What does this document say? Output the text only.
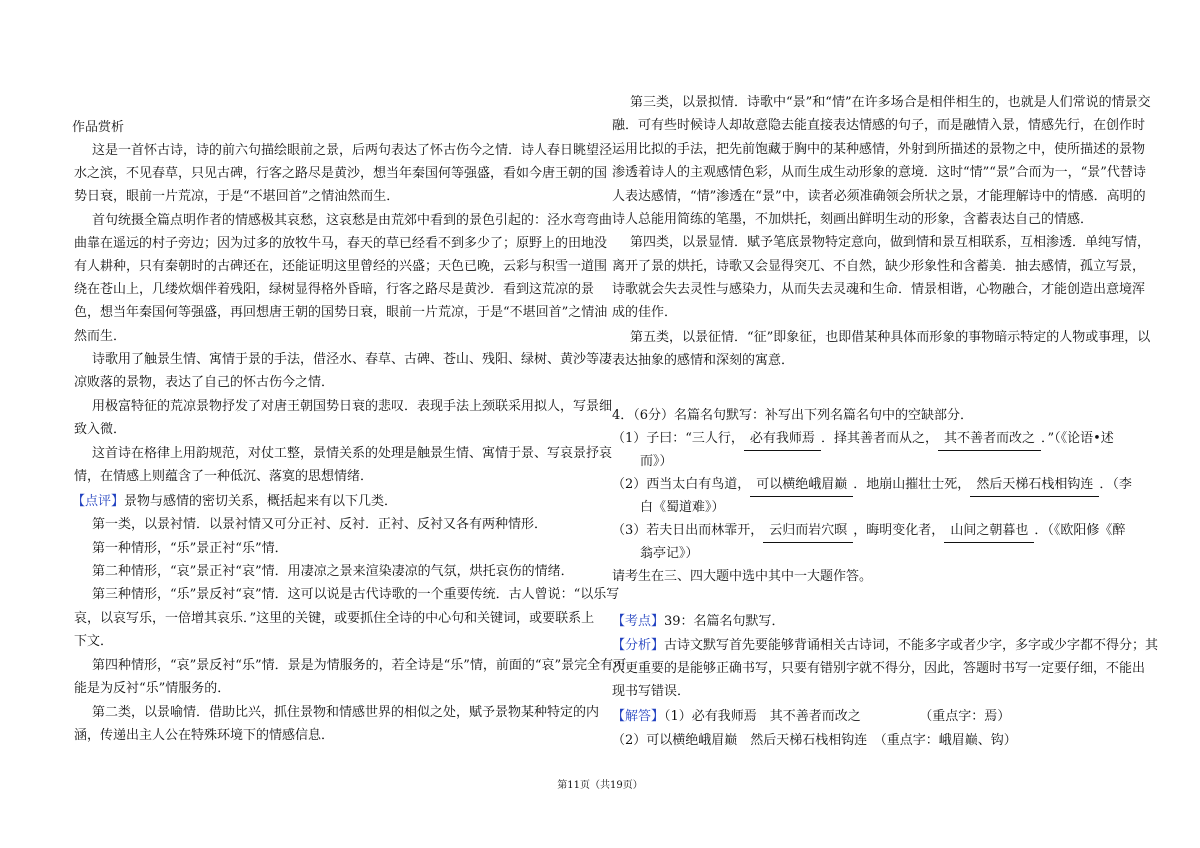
作品赏析
这是一首怀古诗，诗的前六句描绘眼前之景，后两句表达了怀古伤今之情．诗人春日眺望泾
水之滨，不见春草，只见古碑，行客之路尽是黄沙，想当年秦国何等强盛，看如今唐王朝的国
势日衰，眼前一片荒凉，于是“不堪回首”之情油然而生．
首句统摄全篇点明作者的情感极其哀愁，这哀愁是由荒郊中看到的景色引起的：泾水弯弯曲
曲靠在遥远的村子旁边；因为过多的放牧牛马，春天的草已经看不到多少了；原野上的田地没
有人耕种，只有秦朝时的古碑还在，还能证明这里曾经的兴盛；天色已晚，云彩与积雪一道围
绕在苍山上，几缕炊烟伴着残阳，绿树显得格外昏暗，行客之路尽是黄沙．看到这荒凉的景
色，想当年秦国何等强盛，再回想唐王朝的国势日衰，眼前一片荒凉，于是“不堪回首”之情油
然而生．
诗歌用了触景生情、寓情于景的手法，借泾水、春草、古碑、苍山、残阳、绿树、黄沙等凄
凉败落的景物，表达了自己的怀古伤今之情．
用极富特征的荒凉景物抒发了对唐王朝国势日衰的悲叹．表现手法上颈联采用拟人，写景细
致入微．
这首诗在格律上用韵规范，对仗工整，景情关系的处理是触景生情、寓情于景、写哀景抒哀
情，在情感上则蕴含了一种低沉、落寞的思想情绪．
【点评】景物与感情的密切关系，概括起来有以下几类．
第一类，以景衬情．以景衬情又可分正衬、反衬．正衬、反衬又各有两种情形．
第一种情形，“乐”景正衬“乐”情．
第二种情形，“哀”景正衬“哀”情．用凄凉之景来渲染凄凉的气氛，烘托哀伤的情绪．
第三种情形，“乐”景反衬“哀”情．这可以说是古代诗歌的一个重要传统．古人曾说：“以乐写
哀，以哀写乐，一倍增其哀乐．”这里的关键，或要抓住全诗的中心句和关键词，或要联系上
下文．
第四种情形，“哀”景反衬“乐”情．景是为情服务的，若全诗是“乐”情，前面的“哀”景完全有可
能是为反衬“乐”情服务的．
第二类，以景喻情．借助比兴，抓住景物和情感世界的相似之处，赋予景物某种特定的内
涵，传递出主人公在特殊环境下的情感信息．
第三类，以景拟情．诗歌中“景”和“情”在许多场合是相伴相生的，也就是人们常说的情景交
融．可有些时候诗人却故意隐去能直接表达情感的句子，而是融情入景，情感先行，在创作时
运用比拟的手法，把先前饱藏于胸中的某种感情，外射到所描述的景物之中，使所描述的景物
渗透着诗人的主观感情色彩，从而生成生动形象的意境．这时“情”“景”合而为一，“景”代替诗
人表达感情，“情”渗透在“景”中，读者必须准确领会所状之景，才能理解诗中的情感．高明的
诗人总能用简练的笔墨，不加烘托，刻画出鲜明生动的形象，含蓄表达自己的情感．
第四类，以景显情．赋予笔底景物特定意向，做到情和景互相联系，互相渗透．单纯写情，
离开了景的烘托，诗歌又会显得突兀、不自然，缺少形象性和含蓄美．抽去感情，孤立写景，
诗歌就会失去灵性与感染力，从而失去灵魂和生命．情景相谐，心物融合，才能创造出意境浑
成的佳作．
第五类，以景征情．“征”即象征，也即借某种具体而形象的事物暗示特定的人物或事理，以
表达抽象的感情和深刻的寓意．
4．（6分）名篇名句默写：补写出下列名篇名句中的空缺部分．
（1）子曰：“三人行， 必有我师焉 ．择其善者而从之， 其不善者而改之 ．”（《论语•述
而》）
（2）西当太白有鸟道， 可以横绝峨眉巅 ．地崩山摧壮士死， 然后天梯石栈相钩连 ．（李
白《蜀道难》）
（3）若夫日出而林霏开， 云归而岩穴暝 ，晦明变化者， 山间之朝暮也 ．（《欧阳修《醉
翁亭记》）
请考生在三、四大题中选中其中一大题作答。
【考点】39：名篇名句默写．
【分析】古诗文默写首先要能够背诵相关古诗词，不能多字或者少字，多字或少字都不得分；其
次更重要的是能够正确书写，只要有错别字就不得分，因此，答题时书写一定要仔细，不能出
现书写错误．
【解答】（1）必有我师焉　其不善者而改之　　　　　（重点字：焉）
（2）可以横绝峨眉巅　然后天梯石栈相钩连　（重点字：峨眉巅、钩）
第11页（共19页）
